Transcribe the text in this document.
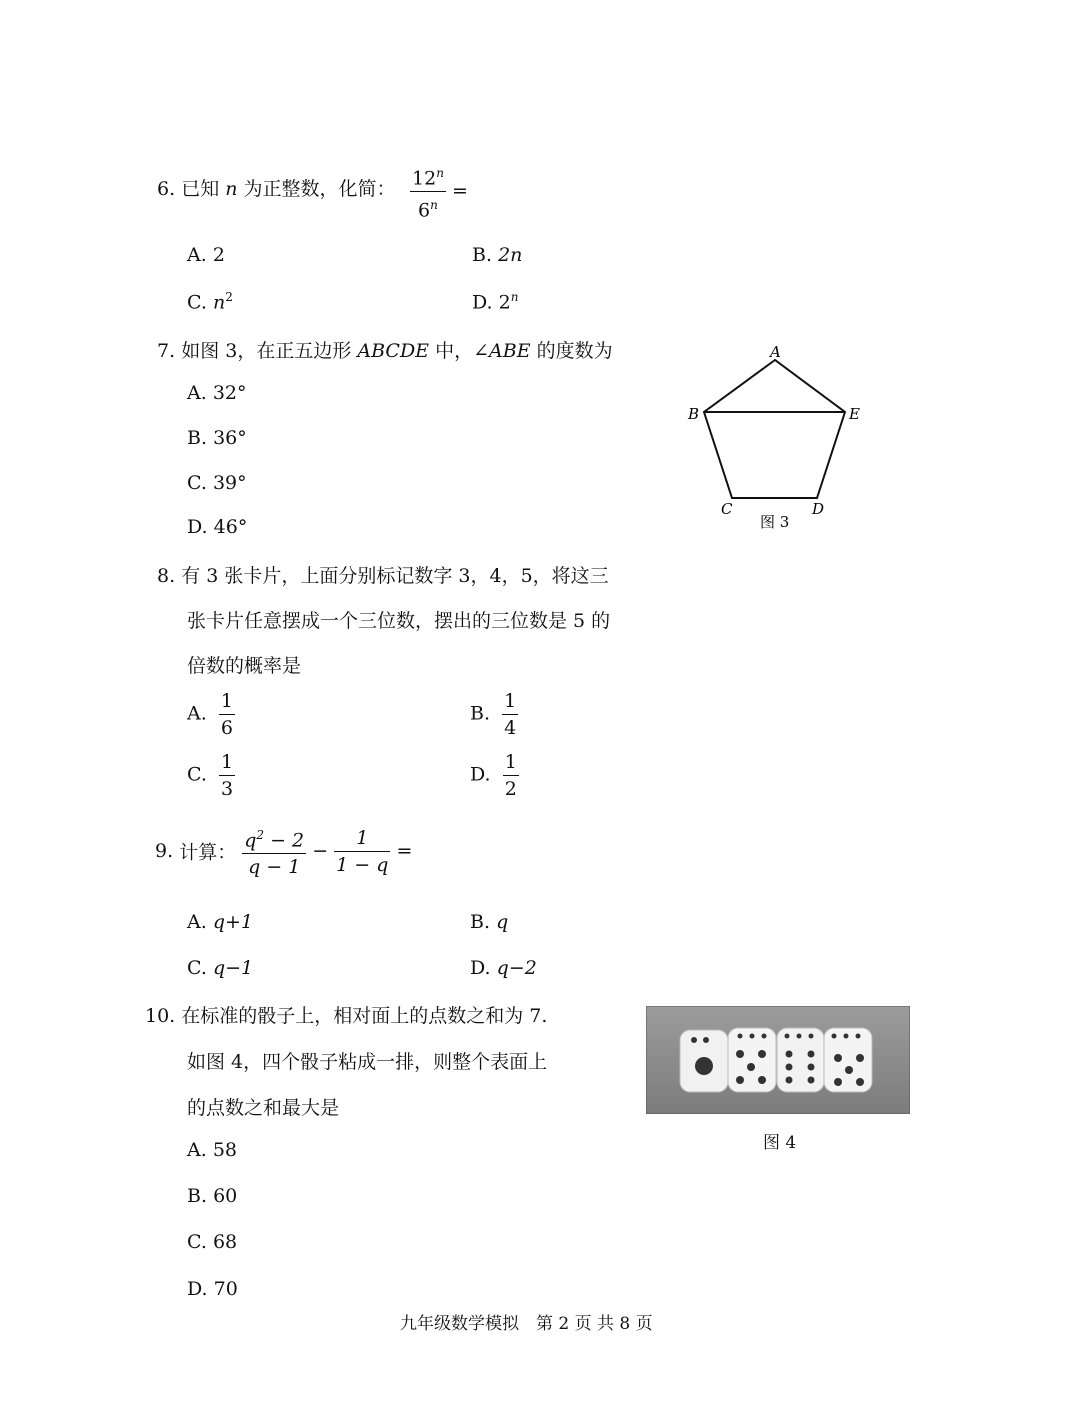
6. 已知 n 为正整数，化简： $\frac{12^n}{6^n}$ =
A. 2	B. 2n
C. $n^2$	D. 2$^n$
7. 如图 3，在正五边形 ABCDE 中，∠ABE 的度数为
A. 32°
B. 36°
C. 39°
D. 46°
A
B	E
C	D
图 3
8. 有 3 张卡片，上面分别标记数字 3，4，5，将这三
张卡片任意摆成一个三位数，摆出的三位数是 5 的
倍数的概率是
A. $\frac{1}{6}$	B. $\frac{1}{4}$
C. $\frac{1}{3}$	D. $\frac{1}{2}$
9. 计算： $\frac{q^2 - 2}{q - 1} - \frac{1}{1 - q}$ =
A. q+1	B. q
C. q−1	D. q−2
10. 在标准的骰子上，相对面上的点数之和为 7.
如图 4，四个骰子粘成一排，则整个表面上
的点数之和最大是
A. 58
B. 60
C. 68
D. 70
图 4
九年级数学模拟　第 2 页 共 8 页
